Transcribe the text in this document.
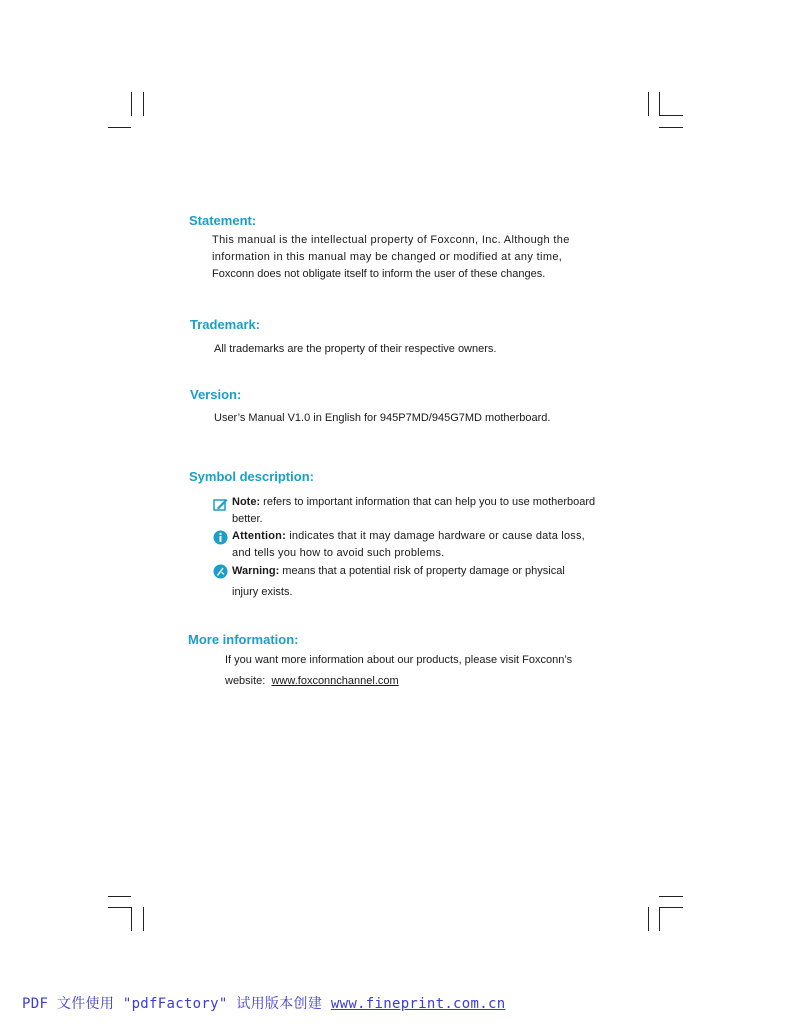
Statement:
This manual is the intellectual property of Foxconn, Inc. Although the
information in this manual may be changed or modified at any time,
Foxconn does not obligate itself to inform the user of these changes.
Trademark:
All trademarks are the property of their respective owners.
Version:
User’s Manual V1.0 in English for 945P7MD/945G7MD motherboard.
Symbol description:
Note: refers to important information that can help you to use motherboard
better.
Attention: indicates that it may damage hardware or cause data loss,
and tells you how to avoid such problems.
Warning: means that a potential risk of property damage or physical
injury exists.
More information:
If you want more information about our products, please visit Foxconn’s
website: www.foxconnchannel.com
PDF 文件使用 "pdfFactory" 试用版本创建 www.fineprint.com.cn
